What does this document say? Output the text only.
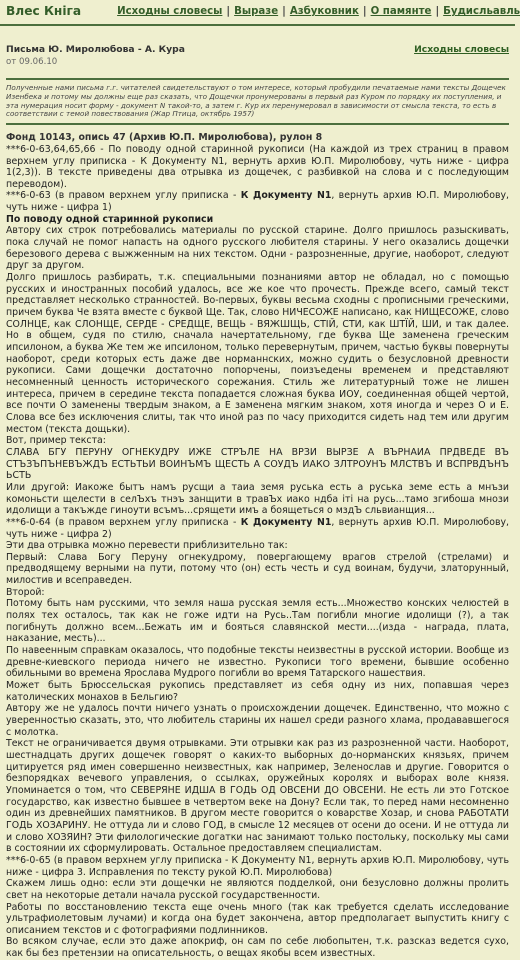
Влес Кнiга	Исходны словесы | Выразе | Азбуковник | О памянте | Будисльавль
Письма Ю. Миролюбова - А. Кура	Исходны словесы
от 09.06.10
Полученные нами письма г.г. читателей свидетельствуют о том интересе, который пробудили печатаемые нами тексты Дощечек Изенбека и потому мы должны еще раз сказать, что Дощечки пронумерованы в первый раз Куром по порядку их поступления, и эта нумерация носит форму - документ N такой-то, а затем г. Кур их перенумеровал в зависимости от смысла текста, то есть в соответствии с темой повествования (Жар Птица, октябрь 1957)

Фонд 10143, опись 47 (Архив Ю.П. Миролюбова), рулон 8

***6-0-63,64,65,66 - По поводу одной старинной рукописи (На каждой из трех страниц в правом верхнем углу приписка - К Документу N1, вернуть архив Ю.П. Миролюбову, чуть ниже - цифра 1(2,3)). В тексте приведены два отрывка из дощечек, с разбивкой на слова и с последующим переводом).

***6-0-63 (в правом верхнем углу приписка - К Документу N1, вернуть архив Ю.П. Миролюбову, чуть ниже - цифра 1)

По поводу одной старинной рукописи

Автору сих строк потребовались материалы по русской старине. Долго пришлось разыскивать, пока случай не помог напасть на одного русского любителя старины. У него оказались дощечки березового дерева с выжженным на них текстом. Одни - разрозненные, другие, наоборот, следуют друг за другом.

Долго пришлось разбирать, т.к. специальными познаниями автор не обладал, но с помощью русских и иностранных пособий удалось, все же кое что прочесть. Прежде всего, самый текст представляет несколько странностей. Во-первых, буквы весьма сходны с прописными греческими, причем буква Че взята вместе с буквой Ще. Так, слово НИЧЕСОЖЕ написано, как НИЩЕСОЖЕ, слово СОЛНЦЕ, как СЛОНЩЕ, СЕРДЕ - СРЕДЩЕ, ВЕЩЬ - ВЯЖШЩЬ, СТІЙ, СТИ, как ШТЇЙ, ШИ, и так далее. Но в общем, судя по стилю, сначала начертательному, где буква Ще заменена греческим ипсилоном, а буква Же тем же ипсилоном, только перевернутым, причем, частью буквы повернуты наоборот, среди которых есть даже две норманнских, можно судить о безусловной древности рукописи. Сами дощечки достаточно попорчены, поизъедены временем и представляют несомненный ценность исторического сорежания. Стиль же литературный тоже не лишен интереса, причем в середине текста попадается сложная буква ИОУ, соединенная общей чертой, все почти О заменены твердым знаком, а Е заменена мягким знаком, хотя иногда и через О и Е. Слова все без исключения слиты, так что иной раз по часу приходится сидеть над тем или другим местом (текста дощьки).

Вот, пример текста:

СЛАВА БГУ ПЕРУНУ ОГНЕКУДРУ ИЖЕ СТРЪЛЕ НА ВРЗИ ВЫРЗЕ А ВЪРНАИА ПРДВЕДЕ ВЪ СТЪЗЪПЪНЕВЪЖДЪ ЕСТЬТЬИ ВОИНЪМЪ ЩЕСТЬ А СОУДЪ ИАКО ЗЛТРОУНЪ МЛСТВЪ И ВСПРВДЪНЪ ЬСТЬ

Или другой: Иакоже бытъ намъ русщи а таиа земя руська есть а руська земе есть а мнъзи комоньсти щелести в селЪхъ тнэъ занщити в травЪх иако ндба іті на русь...тамо згибоша мнози идолищи а такъжде гиноути всъмъ...срящети имъ а боящеться о мздЪ сльвианщия...

***6-0-64 (в правом верхнем углу приписка - К Документу N1, вернуть архив Ю.П. Миролюбову, чуть ниже - цифра 2)

Эти два отрывка можно перевести приблизительно так:

Первый: Слава Богу Перуну огнекудрому, повергающему врагов стрелой (стрелами) и предводящему верными на пути, потому что (он) есть честь и суд воинам, будучи, златорунный, милостив и всеправеден.

Второй:

Потому быть нам русскими, что земля наша русская земля есть...Множество конских челюстей в полях тех осталось, так как не гоже идти на Русь..Там погибли многие идолищи (?), а так погибнуть должно всем...Бежать им и бояться славянской мести....(изда - награда, плата, наказание, месть)...

По навеенным справкам оказалось, что подобные тексты неизвестны в русской истории. Вообще из древне-киевского периода ничего не известно. Рукописи того времени, бывшие особенно обильными во времена Ярослава Мудрого погибли во время Татарского нашествия.

Может быть Брюссельская рукопись представляет из себя одну из них, попавшая через католических монахов в Бельгию?

Автору же не удалось почти ничего узнать о происхождении дощечек. Единственно, что можно с уверенностью сказать, это, что любитель старины их нашел среди разного хлама, продававшегося с молотка.

Текст не ограничивается двумя отрывками. Эти отрывки как раз из разрозненной части. Наоборот, шестнадцать других дощечек говорят о каких-то выборных до-норманских князьях, причем цитируется ряд имен совершенно неизвестных, как например, Зеленослав и другие. Говорится о безпорядках вечевого управления, о ссылках, оружейных королях и выборах воле князя. Упоминается о том, что СЕВЕРЯНЕ ИДША В ГОДЬ ОД ОВСЕНИ ДО ОВСЕНИ. Не есть ли это Готское государство, как известно бывшее в четвертом веке на Дону? Если так, то перед нами несомненно один из древнейших памятников. В другом месте говорится о коварстве Хозар, и снова РАБОТАТИ ГОДЬ ХОЗАРИНУ. Не оттуда ли и слово ГОД, в смысле 12 месяцев от осени до осени. И не оттуда ли и слово ХОЗЯИН? Эти филологические догатки нас занимают только постольку, поскольку мы сами в состоянии их сформулировать. Остальное предоставляем специалистам.

***6-0-65 (в правом верхнем углу приписка - К Документу N1, вернуть архив Ю.П. Миролюбову, чуть ниже - цифра 3. Исправления по тексту рукой Ю.П. Миролюбова)

Скажем лишь одно: если эти дощечки не являются подделкой, они безусловно должны пролить свет на некоторые детали начала русской государственности.

Работы по восстановлению текста еще очень много (так как требуется сделать исследование ультрафиолетовым лучами) и когда она будет закончена, автор предполагает выпустить книгу с описанием текстов и с фотографиями подлинников.

Во всяком случае, если это даже апокриф, он сам по себе любопытен, т.к. разсказ ведется сухо, как бы без претензии на описательность, о вещах якобы всем известных.
